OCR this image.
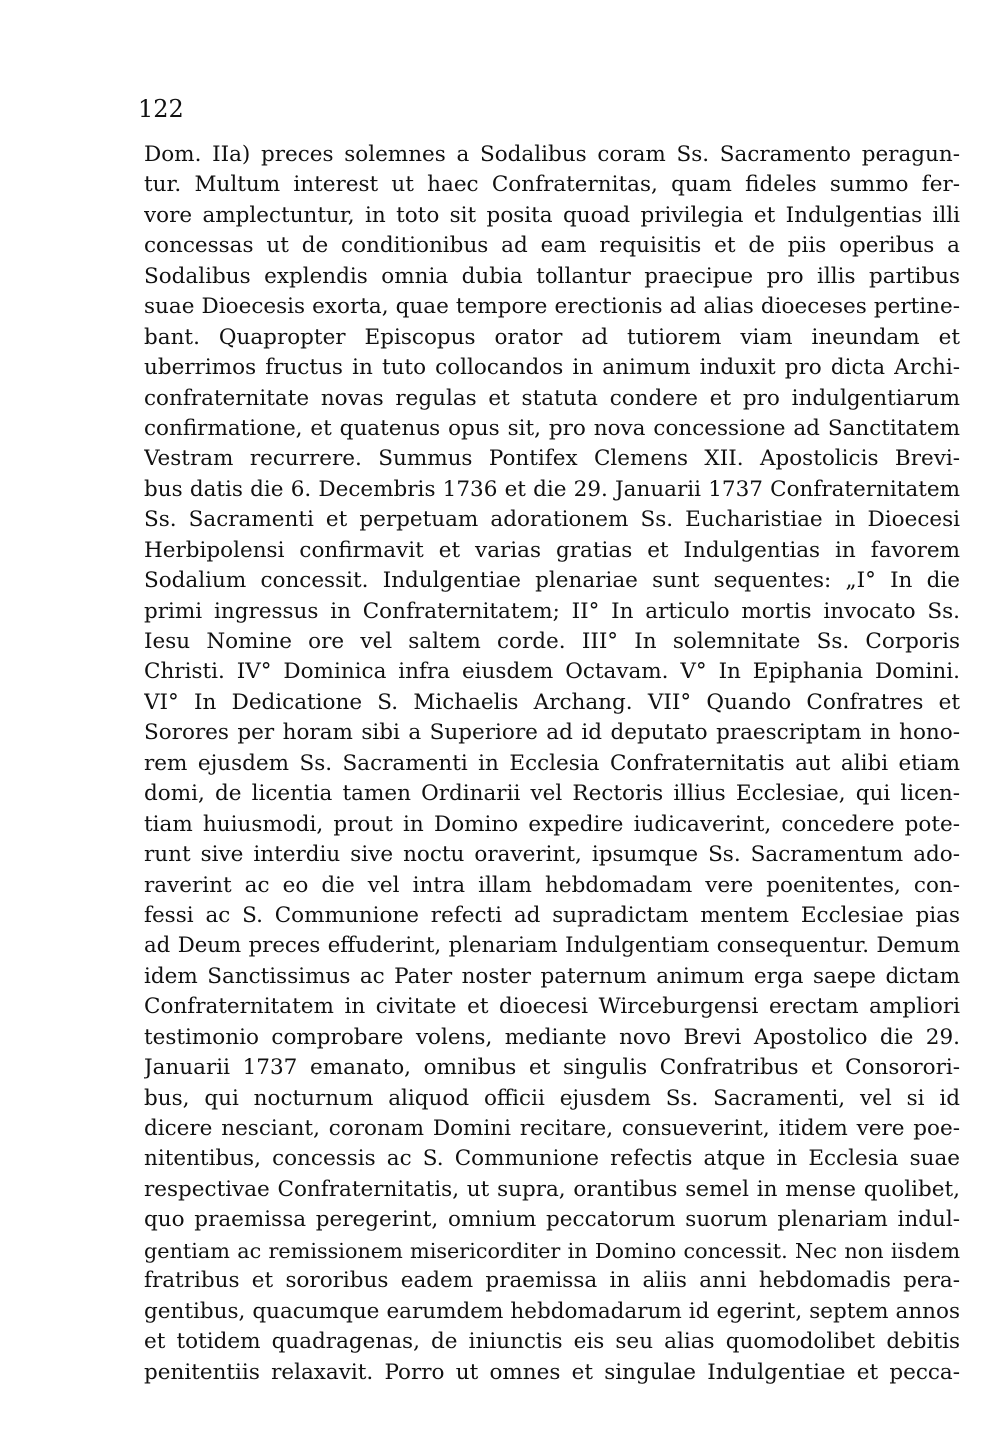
122
Dom. IIa) preces solemnes a Sodalibus coram Ss. Sacramento peragun-
tur. Multum interest ut haec Confraternitas, quam fideles summo fer-
vore amplectuntur, in toto sit posita quoad privilegia et Indulgentias illi
concessas ut de conditionibus ad eam requisitis et de piis operibus a
Sodalibus explendis omnia dubia tollantur praecipue pro illis partibus
suae Dioecesis exorta, quae tempore erectionis ad alias dioeceses pertine-
bant. Quapropter Episcopus orator ad tutiorem viam ineundam et
uberrimos fructus in tuto collocandos in animum induxit pro dicta Archi-
confraternitate novas regulas et statuta condere et pro indulgentiarum
confirmatione, et quatenus opus sit, pro nova concessione ad Sanctitatem
Vestram recurrere. Summus Pontifex Clemens XII. Apostolicis Brevi-
bus datis die 6. Decembris 1736 et die 29. Januarii 1737 Confraternitatem
Ss. Sacramenti et perpetuam adorationem Ss. Eucharistiae in Dioecesi
Herbipolensi confirmavit et varias gratias et Indulgentias in favorem
Sodalium concessit. Indulgentiae plenariae sunt sequentes: „I° In die
primi ingressus in Confraternitatem; II° In articulo mortis invocato Ss.
Iesu Nomine ore vel saltem corde. III° In solemnitate Ss. Corporis
Christi. IV° Dominica infra eiusdem Octavam. V° In Epiphania Domini.
VI° In Dedicatione S. Michaelis Archang. VII° Quando Confratres et
Sorores per horam sibi a Superiore ad id deputato praescriptam in hono-
rem ejusdem Ss. Sacramenti in Ecclesia Confraternitatis aut alibi etiam
domi, de licentia tamen Ordinarii vel Rectoris illius Ecclesiae, qui licen-
tiam huiusmodi, prout in Domino expedire iudicaverint, concedere pote-
runt sive interdiu sive noctu oraverint, ipsumque Ss. Sacramentum ado-
raverint ac eo die vel intra illam hebdomadam vere poenitentes, con-
fessi ac S. Communione refecti ad supradictam mentem Ecclesiae pias
ad Deum preces effuderint, plenariam Indulgentiam consequentur. Demum
idem Sanctissimus ac Pater noster paternum animum erga saepe dictam
Confraternitatem in civitate et dioecesi Wirceburgensi erectam ampliori
testimonio comprobare volens, mediante novo Brevi Apostolico die 29.
Januarii 1737 emanato, omnibus et singulis Confratribus et Consorori-
bus, qui nocturnum aliquod officii ejusdem Ss. Sacramenti, vel si id
dicere nesciant, coronam Domini recitare, consueverint, itidem vere poe-
nitentibus, concessis ac S. Communione refectis atque in Ecclesia suae
respectivae Confraternitatis, ut supra, orantibus semel in mense quolibet,
quo praemissa peregerint, omnium peccatorum suorum plenariam indul-
gentiam ac remissionem misericorditer in Domino concessit. Nec non iisdem
fratribus et sororibus eadem praemissa in aliis anni hebdomadis pera-
gentibus, quacumque earumdem hebdomadarum id egerint, septem annos
et totidem quadragenas, de iniunctis eis seu alias quomodolibet debitis
penitentiis relaxavit. Porro ut omnes et singulae Indulgentiae et pecca-
